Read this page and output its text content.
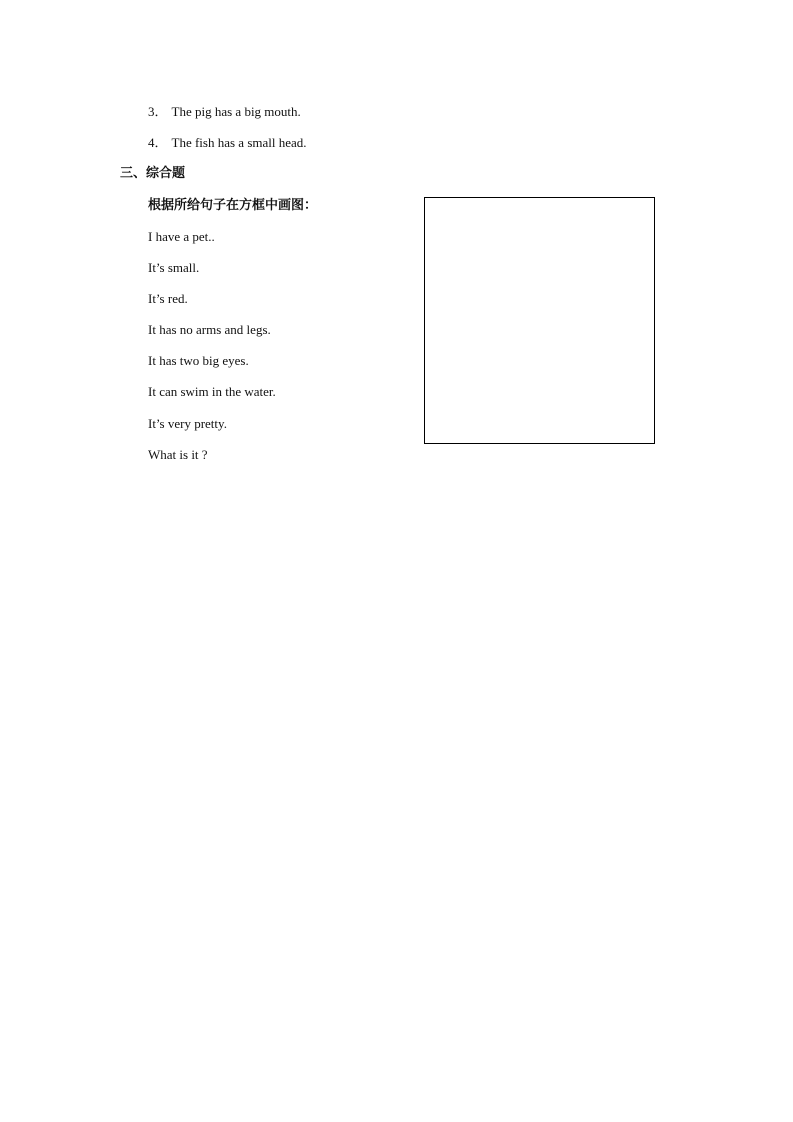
3． The pig has a big mouth.
4． The fish has a small head.
三、综合题
根据所给句子在方框中画图：
I have a pet..
It’s small.
It’s red.
It has no arms and legs.
It has two big eyes.
It can swim in the water.
It’s very pretty.
What is it ?
